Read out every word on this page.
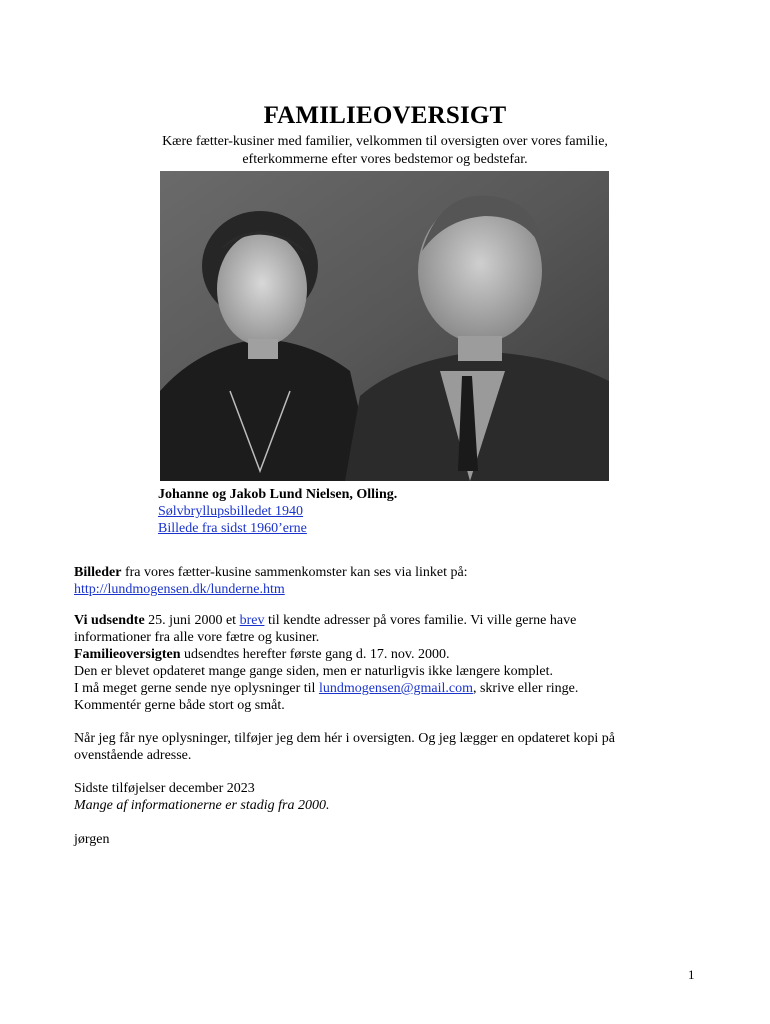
FAMILIEOVERSIGT
Kære fætter-kusiner med familier, velkommen til oversigten over vores familie,
efterkommerne efter vores bedstemor og bedstefar.
Johanne og Jakob Lund Nielsen, Olling.
Sølvbryllupsbilledet 1940
Billede fra sidst 1960’erne
Billeder fra vores fætter-kusine sammenkomster kan ses via linket på:
http://lundmogensen.dk/lunderne.htm
Vi udsendte 25. juni 2000 et brev til kendte adresser på vores familie. Vi ville gerne have
informationer fra alle vore fætre og kusiner.
Familieoversigten udsendtes herefter første gang d. 17. nov. 2000.
Den er blevet opdateret mange gange siden, men er naturligvis ikke længere komplet.
I må meget gerne sende nye oplysninger til lundmogensen@gmail.com, skrive eller ringe.
Kommentér gerne både stort og småt.
Når jeg får nye oplysninger, tilføjer jeg dem hér i oversigten. Og jeg lægger en opdateret kopi på
ovenstående adresse.
Sidste tilføjelser december 2023
Mange af informationerne er stadig fra 2000.
jørgen
1
